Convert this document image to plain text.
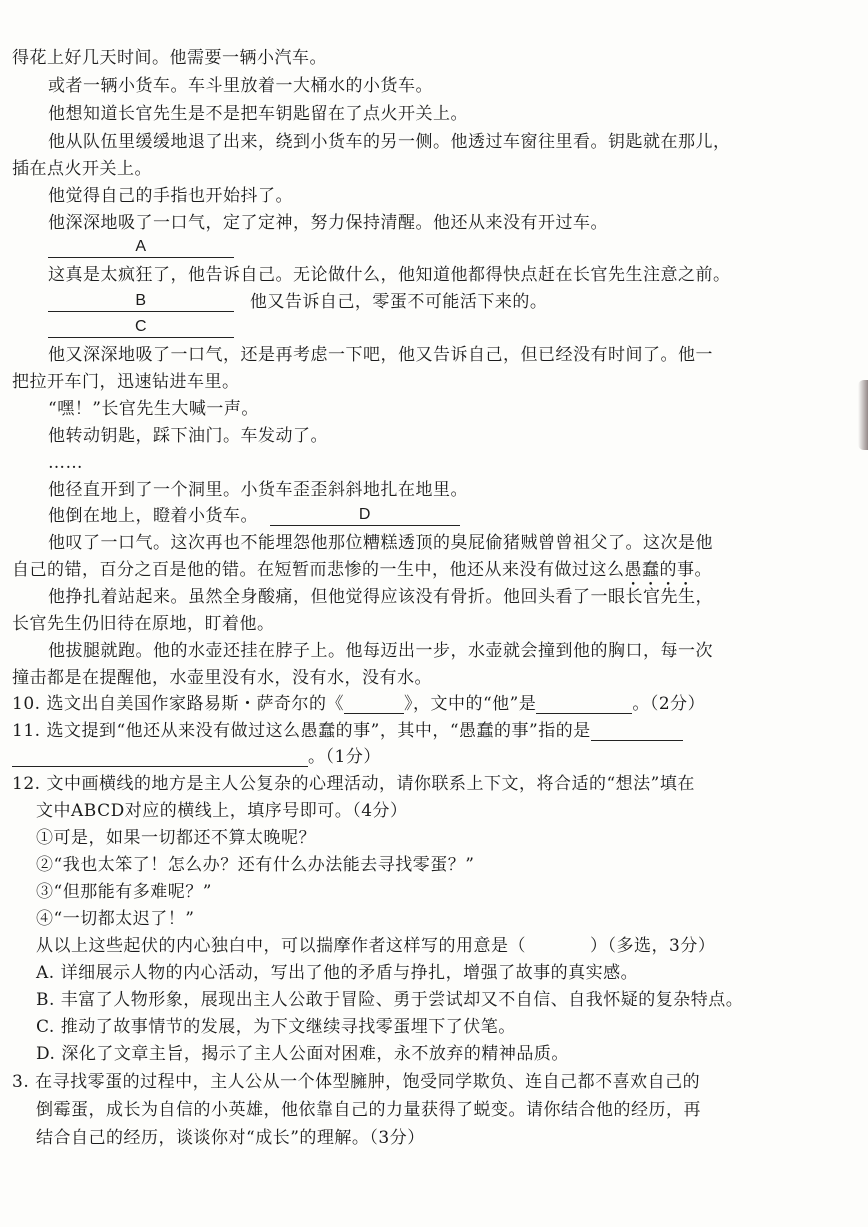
得花上好几天时间。他需要一辆小汽车。
或者一辆小货车。车斗里放着一大桶水的小货车。
他想知道长官先生是不是把车钥匙留在了点火开关上。
他从队伍里缓缓地退了出来，绕到小货车的另一侧。他透过车窗往里看。钥匙就在那儿，
插在点火开关上。
他觉得自己的手指也开始抖了。
他深深地吸了一口气，定了定神，努力保持清醒。他还从来没有开过车。
A
这真是太疯狂了，他告诉自己。无论做什么，他知道他都得快点赶在长官先生注意之前。
B	他又告诉自己，零蛋不可能活下来的。
C
他又深深地吸了一口气，还是再考虑一下吧，他又告诉自己，但已经没有时间了。他一
把拉开车门，迅速钻进车里。
“嘿！”长官先生大喊一声。
他转动钥匙，踩下油门。车发动了。
……
他径直开到了一个洞里。小货车歪歪斜斜地扎在地里。
他倒在地上，瞪着小货车。	D
他叹了一口气。这次再也不能埋怨他那位糟糕透顶的臭屁偷猪贼曾曾祖父了。这次是他
自己的错，百分之百是他的错。在短暂而悲惨的一生中，他还从来没有做过这么愚蠢的事。
他挣扎着站起来。虽然全身酸痛，但他觉得应该没有骨折。他回头看了一眼长官先生，
长官先生仍旧待在原地，盯着他。
他拔腿就跑。他的水壶还挂在脖子上。他每迈出一步，水壶就会撞到他的胸口，每一次
撞击都是在提醒他，水壶里没有水，没有水，没有水。
10. 选文出自美国作家路易斯・萨奇尔的《	》，文中的“他”是	。（2分）
11. 选文提到“他还从来没有做过这么愚蠢的事”，其中，“愚蠢的事”指的是
。（1分）
12. 文中画横线的地方是主人公复杂的心理活动，请你联系上下文，将合适的“想法”填在
文中ABCD对应的横线上，填序号即可。（4分）
①可是，如果一切都还不算太晚呢？
②“我也太笨了！怎么办？还有什么办法能去寻找零蛋？”
③“但那能有多难呢？”
④“一切都太迟了！”
从以上这些起伏的内心独白中，可以揣摩作者这样写的用意是（	）（多选，3分）
A. 详细展示人物的内心活动，写出了他的矛盾与挣扎，增强了故事的真实感。
B. 丰富了人物形象，展现出主人公敢于冒险、勇于尝试却又不自信、自我怀疑的复杂特点。
C. 推动了故事情节的发展，为下文继续寻找零蛋埋下了伏笔。
D. 深化了文章主旨，揭示了主人公面对困难，永不放弃的精神品质。
3. 在寻找零蛋的过程中，主人公从一个体型臃肿，饱受同学欺负、连自己都不喜欢自己的
倒霉蛋，成长为自信的小英雄，他依靠自己的力量获得了蜕变。请你结合他的经历，再
结合自己的经历，谈谈你对“成长”的理解。（3分）
